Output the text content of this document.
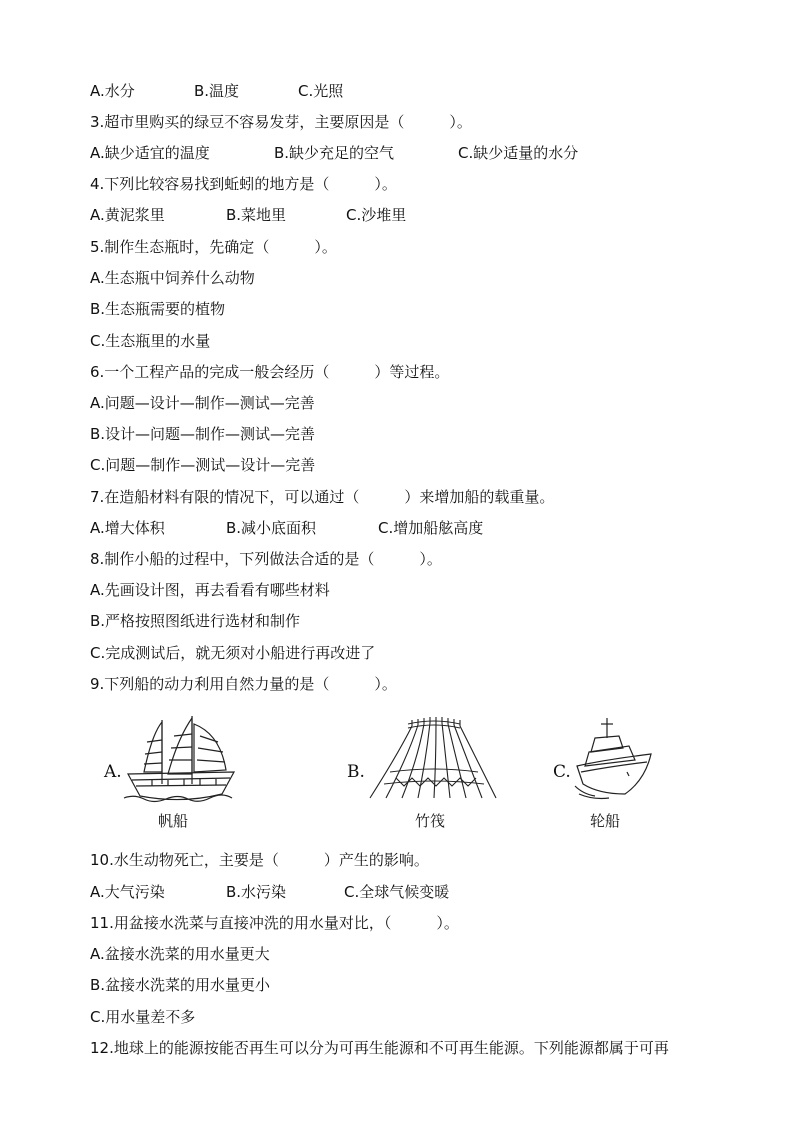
A.水分	B.温度	C.光照
3.超市里购买的绿豆不容易发芽，主要原因是（　　　）。
A.缺少适宜的温度	B.缺少充足的空气	C.缺少适量的水分
4.下列比较容易找到蚯蚓的地方是（　　　）。
A.黄泥浆里	B.菜地里	C.沙堆里
5.制作生态瓶时，先确定（　　　）。
A.生态瓶中饲养什么动物
B.生态瓶需要的植物
C.生态瓶里的水量
6.一个工程产品的完成一般会经历（　　　）等过程。
A.问题—设计—制作—测试—完善
B.设计—问题—制作—测试—完善
C.问题—制作—测试—设计—完善
7.在造船材料有限的情况下，可以通过（　　　）来增加船的载重量。
A.增大体积	B.减小底面积	C.增加船舷高度
8.制作小船的过程中，下列做法合适的是（　　　）。
A.先画设计图，再去看看有哪些材料
B.严格按照图纸进行选材和制作
C.完成测试后，就无须对小船进行再改进了
9.下列船的动力利用自然力量的是（　　　）。
A.
帆船
B.
竹筏
C.
轮船
10.水生动物死亡，主要是（　　　）产生的影响。
A.大气污染	B.水污染	C.全球气候变暖
11.用盆接水洗菜与直接冲洗的用水量对比，（　　　）。
A.盆接水洗菜的用水量更大
B.盆接水洗菜的用水量更小
C.用水量差不多
12.地球上的能源按能否再生可以分为可再生能源和不可再生能源。下列能源都属于可再
